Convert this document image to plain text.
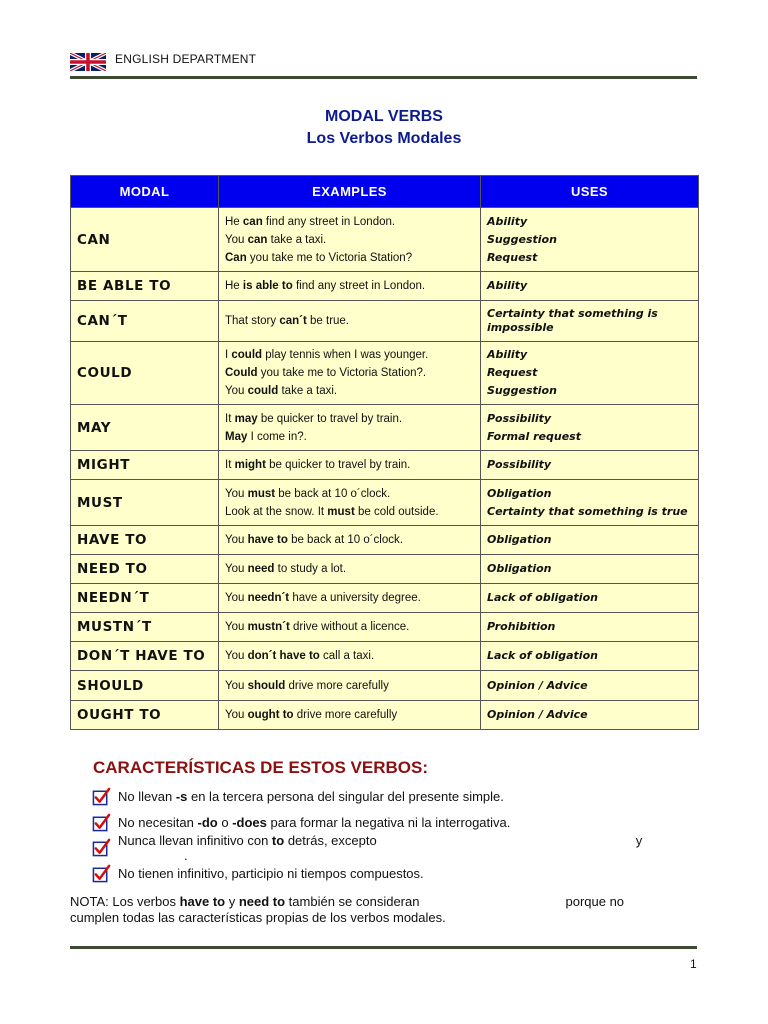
ENGLISH DEPARTMENT
MODAL VERBS
Los Verbos Modales
MODAL	EXAMPLES	USES
CAN	He can find any street in London.
You can take a taxi.
Can you take me to Victoria Station?	Ability
Suggestion
Request

BE ABLE TO	He is able to find any street in London.	Ability

CAN´T	That story can´t be true.	Certainty that something is impossible

COULD	I could play tennis when I was younger.
Could you take me to Victoria Station?.
You could take a taxi.	Ability
Request
Suggestion

MAY	It may be quicker to travel by train.
May I come in?.	Possibility
Formal request

MIGHT	It might be quicker to travel by train.	Possibility

MUST	You must be back at 10 o´clock.
Look at the snow. It must be cold outside.	Obligation
Certainty that something is true

HAVE TO	You have to be back at 10 o´clock.	Obligation

NEED TO	You need to study a lot.	Obligation

NEEDN´T	You needn´t have a university degree.	Lack of obligation

MUSTN´T	You mustn´t drive without a licence.	Prohibition

DON´T HAVE TO	You don´t have to call a taxi.	Lack of obligation

SHOULD	You should drive more carefully	Opinion / Advice

OUGHT TO	You ought to drive more carefully	Opinion / Advice
CARACTERÍSTICAS DE ESTOS VERBOS:
No llevan -s en la tercera persona del singular del presente simple.
No necesitan -do o -does para formar la negativa ni la interrogativa.
Nunca llevan infinitivo con to detrás, excepto	y.
No tienen infinitivo, participio ni tiempos compuestos.
NOTA: Los verbos have to y need to también se consideran	porque no
cumplen todas las características propias de los verbos modales.
1
